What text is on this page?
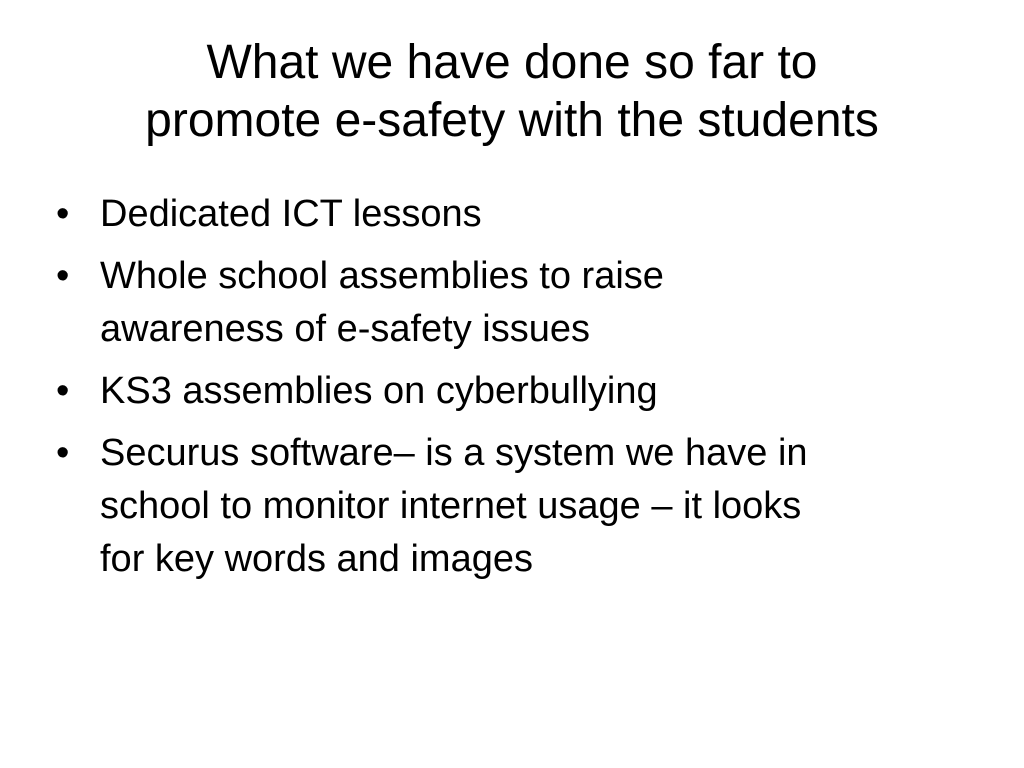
What we have done so far to
promote e-safety with the students
• Dedicated ICT lessons
• Whole school assemblies to raise
awareness of e-safety issues
• KS3 assemblies on cyberbullying
• Securus software– is a system we have in
school to monitor internet usage – it looks
for key words and images
